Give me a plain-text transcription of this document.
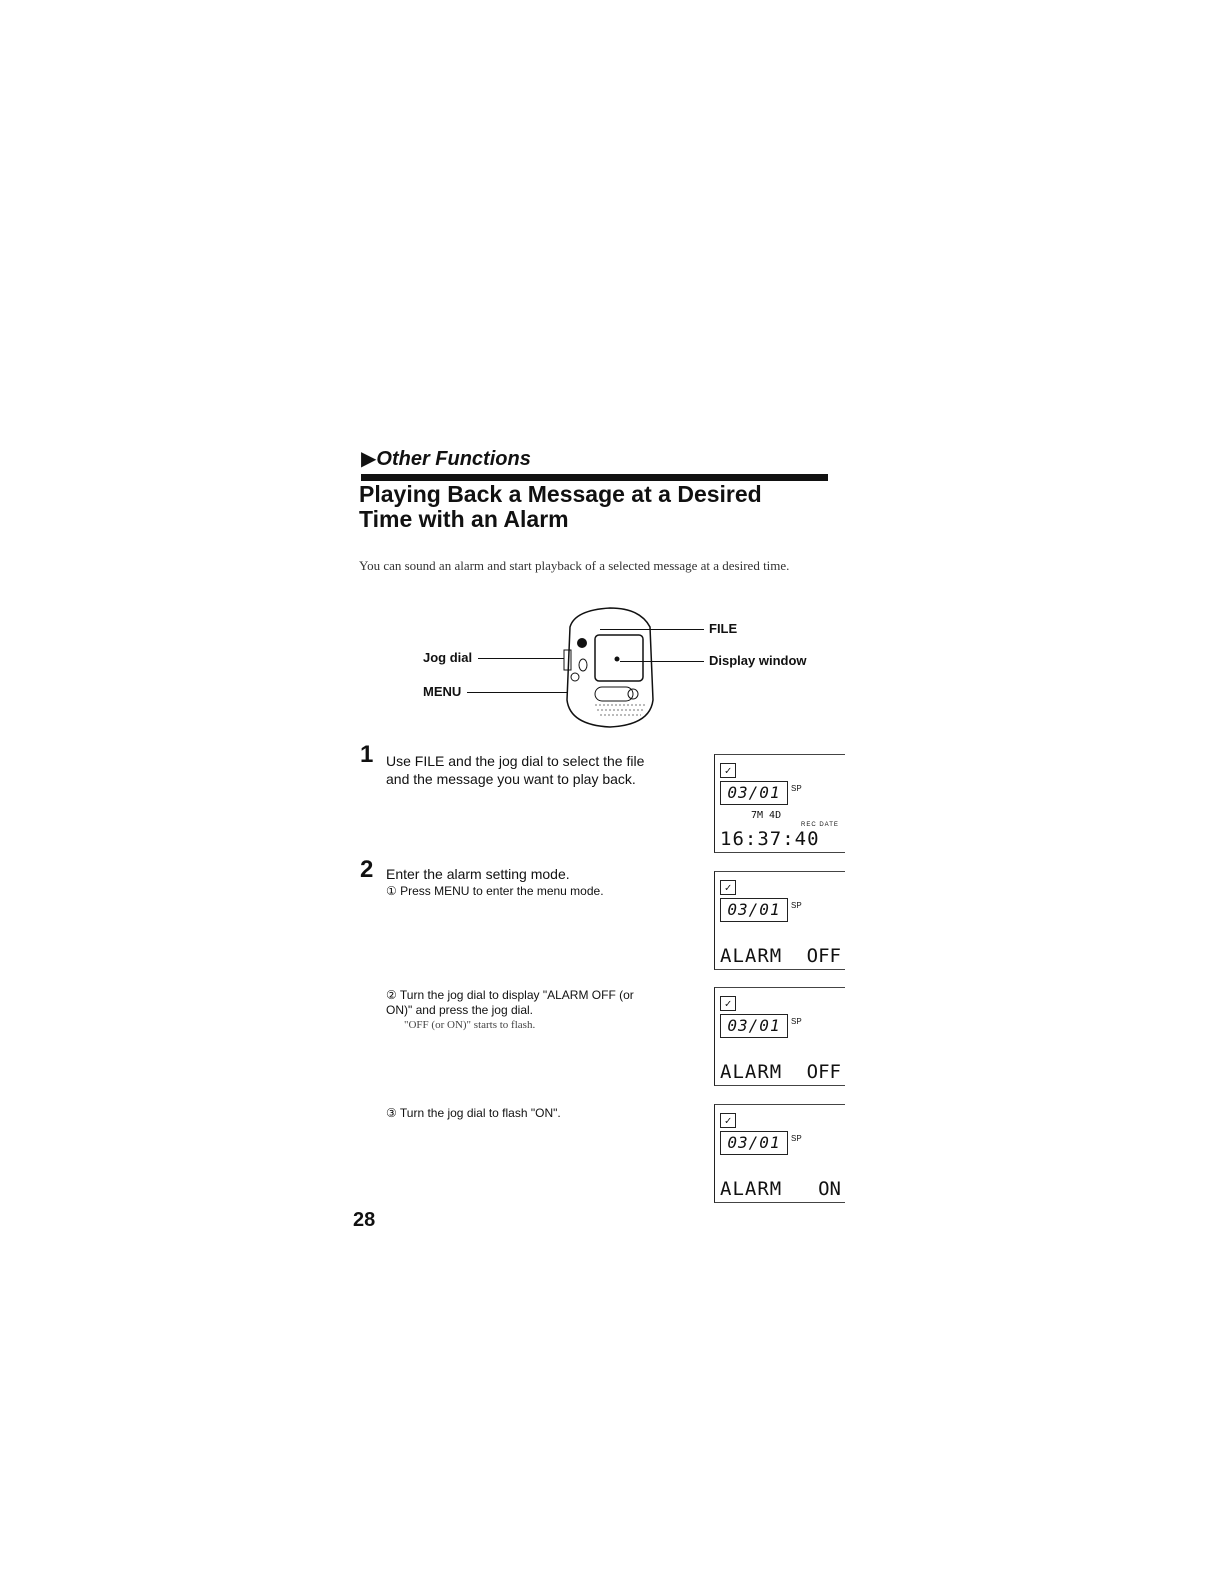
▶Other Functions
Playing Back a Message at a Desired
Time with an Alarm
You can sound an alarm and start playback of a selected message at a desired time.
FILE
Display window
Jog dial
MENU
1 Use FILE and the jog dial to select the file and the message you want to play back.
2 Enter the alarm setting mode.
① Press MENU to enter the menu mode.
② Turn the jog dial to display "ALARM OFF (or ON)" and press the jog dial.
"OFF (or ON)" starts to flash.
③ Turn the jog dial to flash "ON".
✓
03/01	SP
7M 4D
REC DATE
16:37:40
✓
03/01	SP
ALARM OFF
✓
03/01	SP
ALARM OFF
✓
03/01	SP
ALARM ON
28
